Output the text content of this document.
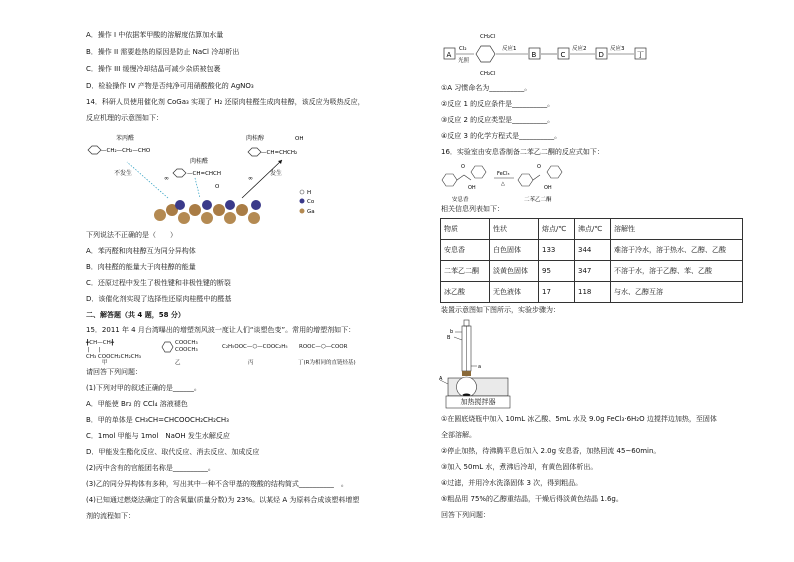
A．操作 I 中依据苯甲酸的溶解度估算加水量
B．操作 II 需要趁热的原因是防止 NaCl 冷却析出
C．操作 III 缓慢冷却结晶可减少杂质被包裹
D．检验操作 IV 产物是否纯净可用硝酸酸化的 AgNO₃
14．科研人员使用催化剂 CoGa₃ 实现了 H₂ 还原肉桂醛生成肉桂醇，该反应为吸热反应，
反应机理的示意图如下：
苯丙醛
—CH₂—CH₂—CHO
不发生
∞
肉桂醛
—CH=CHCH
O
肉桂醇	OH
—CH=CHCH₂
发生
∞
H
Co
Ga
下列说法不正确的是（　　）
A．苯丙醛和肉桂醇互为同分异构体
B．肉桂醛的能量大于肉桂醇的能量
C．还原过程中发生了极性键和非极性键的断裂
D．该催化剂实现了选择性还原肉桂醛中的醛基
二、解答题（共 4 题，58 分）
15．2011 年 4 月台湾曝出的增塑剂风波一度让人们“谈塑色变”。常用的增塑剂如下：
╋CH—CH╋
|     |
CH₃ COOCH₂CH₂CH₃
COOCH₃
COOCH₃	C₂H₅OOC—⬡—COOC₂H₅ ROOC—⬡—COOR
甲	乙	丙	丁(R为相同的直链烃基)
请回答下列问题：
(1)下列对甲的叙述正确的是______。
A．甲能使 Br₂ 的 CCl₄ 溶液褪色
B．甲的单体是 CH₃CH=CHCOOCH₂CH₂CH₃
C．1mol 甲能与 1mol　NaOH 发生水解反应
D．甲能发生酯化反应、取代反应、消去反应、加成反应
(2)丙中含有的官能团名称是__________。
(3)乙的同分异构体有多种，写出其中一种不含甲基的羧酸的结构简式__________　。
(4)已知通过燃烧法确定丁的含氧量(质量分数)为 23%。以某烃 A 为原料合成该塑料增塑
剂的流程如下：
A
Cl₂
光照
CH₂Cl
CH₂Cl
反应1
B	C
反应2
D
反应3
丁
①A 习惯命名为__________。
②反应 1 的反应条件是__________。
③反应 2 的反应类型是__________。
④反应 3 的化学方程式是__________。
16．实验室由安息香制备二苯乙二酮的反应式如下：
O
OH
FeCl₃
△
O
OH
安息香	二苯乙二酮
相关信息列表如下：
物质	性状	熔点/℃	沸点/℃	溶解性
安息香	白色固体	133	344	难溶于冷水，溶于热水、乙醇、乙酸
二苯乙二酮	淡黄色固体	95	347	不溶于水，溶于乙醇、苯、乙酸
冰乙酸	无色液体	17	118	与水、乙醇互溶
装置示意图如下图所示，实验步骤为：
b
a
B
A
加热搅拌器
①在圆底烧瓶中加入 10mL 冰乙酸、5mL 水及 9.0g FeCl₃·6H₂O 边搅拌边加热，至固体
全部溶解。
②停止加热，待沸腾平息后加入 2.0g 安息香，加热回流 45~60min。
③加入 50mL 水，煮沸后冷却，有黄色固体析出。
④过滤，并用冷水洗涤固体 3 次，得到粗品。
⑤粗品用 75%的乙醇重结晶，干燥后得淡黄色结晶 1.6g。
回答下列问题：
